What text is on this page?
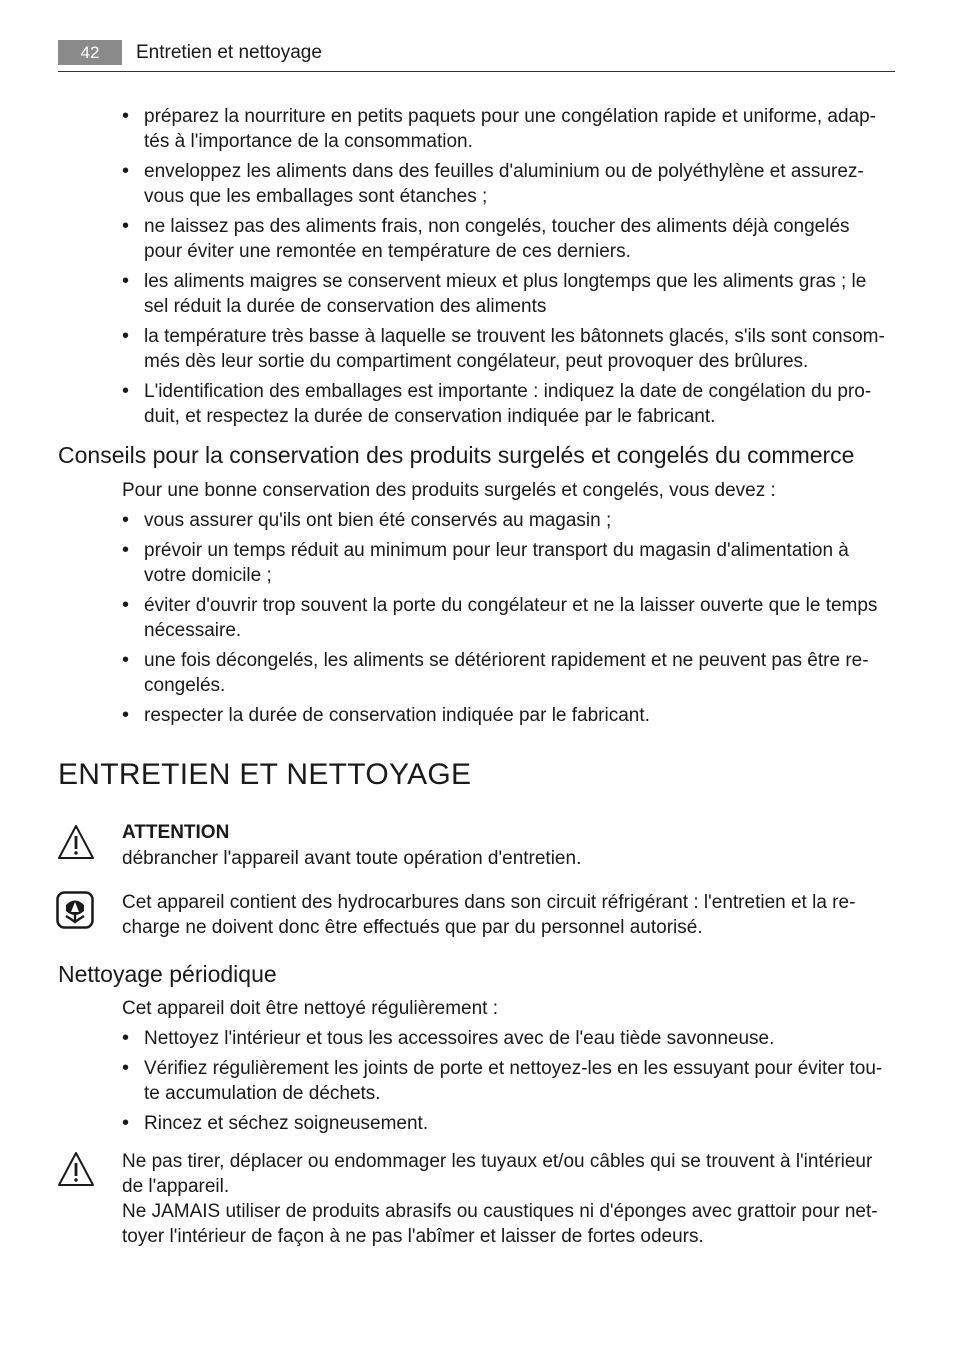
42	Entretien et nettoyage
• préparez la nourriture en petits paquets pour une congélation rapide et uniforme, adap-tés à l'importance de la consommation.
• enveloppez les aliments dans des feuilles d'aluminium ou de polyéthylène et assurez-vous que les emballages sont étanches ;
• ne laissez pas des aliments frais, non congelés, toucher des aliments déjà congelés pour éviter une remontée en température de ces derniers.
• les aliments maigres se conservent mieux et plus longtemps que les aliments gras ; le sel réduit la durée de conservation des aliments
• la température très basse à laquelle se trouvent les bâtonnets glacés, s'ils sont consom-més dès leur sortie du compartiment congélateur, peut provoquer des brûlures.
• L'identification des emballages est importante : indiquez la date de congélation du pro-duit, et respectez la durée de conservation indiquée par le fabricant.
Conseils pour la conservation des produits surgelés et congelés du commerce
Pour une bonne conservation des produits surgelés et congelés, vous devez :
• vous assurer qu'ils ont bien été conservés au magasin ;
• prévoir un temps réduit au minimum pour leur transport du magasin d'alimentation à votre domicile ;
• éviter d'ouvrir trop souvent la porte du congélateur et ne la laisser ouverte que le temps nécessaire.
• une fois décongelés, les aliments se détériorent rapidement et ne peuvent pas être re-congelés.
• respecter la durée de conservation indiquée par le fabricant.
ENTRETIEN ET NETTOYAGE
ATTENTION
débrancher l'appareil avant toute opération d'entretien.
Cet appareil contient des hydrocarbures dans son circuit réfrigérant : l'entretien et la re-charge ne doivent donc être effectués que par du personnel autorisé.
Nettoyage périodique
Cet appareil doit être nettoyé régulièrement :
• Nettoyez l'intérieur et tous les accessoires avec de l'eau tiède savonneuse.
• Vérifiez régulièrement les joints de porte et nettoyez-les en les essuyant pour éviter tou-te accumulation de déchets.
• Rincez et séchez soigneusement.
Ne pas tirer, déplacer ou endommager les tuyaux et/ou câbles qui se trouvent à l'intérieur de l'appareil.
Ne JAMAIS utiliser de produits abrasifs ou caustiques ni d'éponges avec grattoir pour net-toyer l'intérieur de façon à ne pas l'abîmer et laisser de fortes odeurs.
